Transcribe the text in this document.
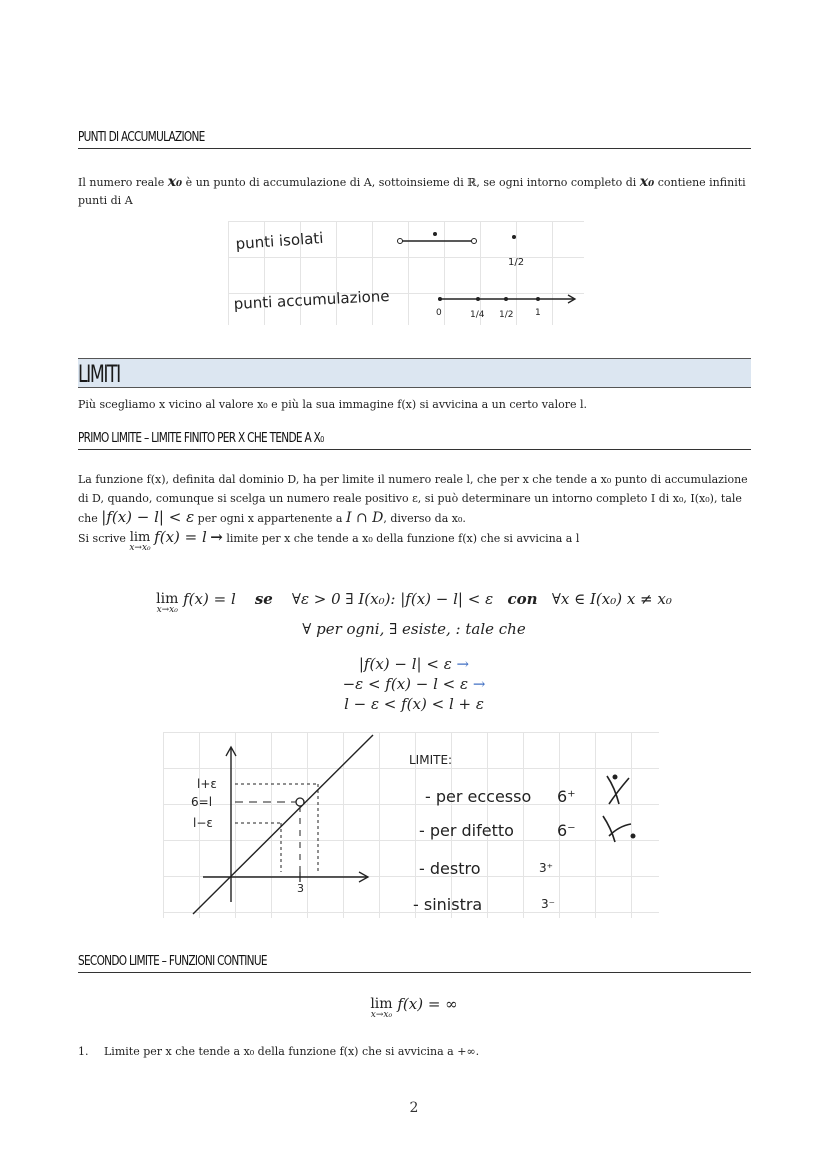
PUNTI DI ACCUMULAZIONE
Il numero reale x₀ è un punto di accumulazione di A, sottoinsieme di ℝ, se ogni intorno completo di x₀ contiene infiniti punti di A
punti isolati
1/2
punti accumulazione
0	1/4 1/2 1
LIMITI
Più scegliamo x vicino al valore x₀ e più la sua immagine f(x) si avvicina a un certo valore l.
PRIMO LIMITE – LIMITE FINITO PER X CHE TENDE A X₀
La funzione f(x), definita dal dominio D, ha per limite il numero reale l, che per x che tende a x₀ punto di accumulazione di D, quando, comunque si scelga un numero reale positivo ε, si può determinare un intorno completo I di x₀, I(x₀), tale che |f(x) − l| < ε per ogni x appartenente a I ∩ D, diverso da x₀.
Si scrive lim
x→x₀
f(x) = l → limite per x che tende a x₀ della funzione f(x) che si avvicina a l
lim
x→x₀
f(x) = l se ∀ε > 0 ∃ I(x₀): |f(x) − l| < ε con ∀x ∈ I(x₀) x ≠ x₀
∀ per ogni, ∃ esiste, : tale che
|f(x) − l| < ε →
−ε < f(x) − l < ε →
l − ε < f(x) < l + ε
l+ε
6=l
l−ε
3
LIMITE:
- per eccesso 6⁺
- per difetto	6⁻
- destro	3⁺
- sinistra	3⁻
SECONDO LIMITE – FUNZIONI CONTINUE
lim
x→x₀
f(x) = ∞
1. Limite per x che tende a x₀ della funzione f(x) che si avvicina a +∞.
2
